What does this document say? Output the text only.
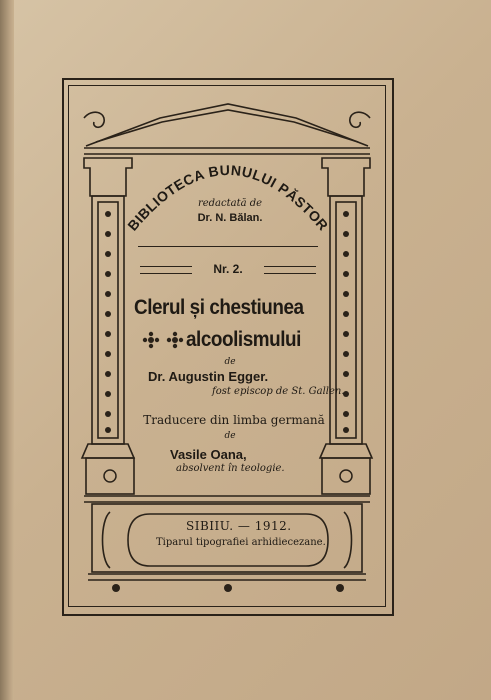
BIBLIOTECA BUNULUI PĂSTOR
redactată de
Dr. N. Bălan.
Nr. 2.
Clerul și chestiunea
alcoolismului
de
Dr. Augustin Egger.
fost episcop de St. Gallen.
Traducere din limba germană
de
Vasile Oana,
absolvent în teologie.
SIBIIU. — 1912.
Tiparul tipografiei arhidiecezane.
